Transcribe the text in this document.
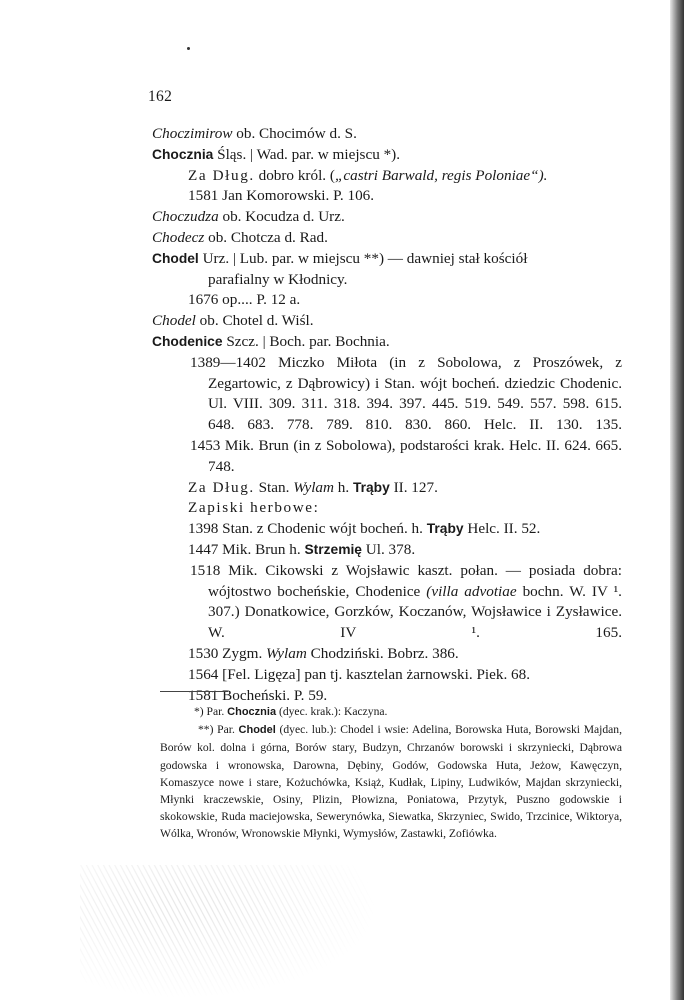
162
Choczimirow ob. Chocimów d. S.
Chocznia Śląs. | Wad. par. w miejscu *).
Za Dług. dobro król. („castri Barwald, regis Poloniae“).
1581 Jan Komorowski. P. 106.
Choczudza ob. Kocudza d. Urz.
Chodecz ob. Chotcza d. Rad.
Chodel Urz. | Lub. par. w miejscu **) — dawniej stał kościół
parafialny w Kłodnicy.
1676 op.... P. 12 a.
Chodel ob. Chotel d. Wiśl.
Chodenice Szcz. | Boch. par. Bochnia.
1389—1402 Miczko Miłota (in z Sobolowa, z Proszówek, z Zegartowic, z Dąbrowicy) i Stan. wójt bocheń. dziedzic Chodenic. Ul. VIII. 309. 311. 318. 394. 397. 445. 519. 549. 557. 598. 615. 648. 683. 778. 789. 810. 830. 860. Helc. II. 130. 135.
1453 Mik. Brun (in z Sobolowa), podstarości krak. Helc. II. 624. 665. 748.
Za Dług. Stan. Wylam h. Trąby II. 127.
Zapiski herbowe:
1398 Stan. z Chodenic wójt bocheń. h. Trąby Helc. II. 52.
1447 Mik. Brun h. Strzemię Ul. 378.
1518 Mik. Cikowski z Wojsławic kaszt. połan. — posiada dobra: wójtostwo bocheńskie, Chodenice (villa advotiae bochn. W. IV ¹. 307.) Donatkowice, Gorzków, Koczanów, Wojsławice i Zysławice. W. IV ¹. 165.
1530 Zygm. Wylam Chodziński. Bobrz. 386.
1564 [Fel. Ligęza] pan tj. kasztelan żarnowski. Piek. 68.
1581 Bocheński. P. 59.
*) Par. Chocznia (dyec. krak.): Kaczyna.
**) Par. Chodel (dyec. lub.): Chodel i wsie: Adelina, Borowska Huta, Borowski Majdan, Borów kol. dolna i górna, Borów stary, Budzyn, Chrzanów borowski i skrzyniecki, Dąbrowa godowska i wronowska, Darowna, Dębiny, Godów, Godowska Huta, Jeżow, Kawęczyn, Komaszyce nowe i stare, Kożuchówka, Książ, Kudłak, Lipiny, Ludwików, Majdan skrzyniecki, Młynki kraczewskie, Osiny, Plizin, Płowizna, Poniatowa, Przytyk, Puszno godowskie i skokowskie, Ruda maciejowska, Sewerynówka, Siewatka, Skrzyniec, Swido, Trzcinice, Wiktorya, Wólka, Wronów, Wronowskie Młynki, Wymysłów, Zastawki, Zofiówka.
